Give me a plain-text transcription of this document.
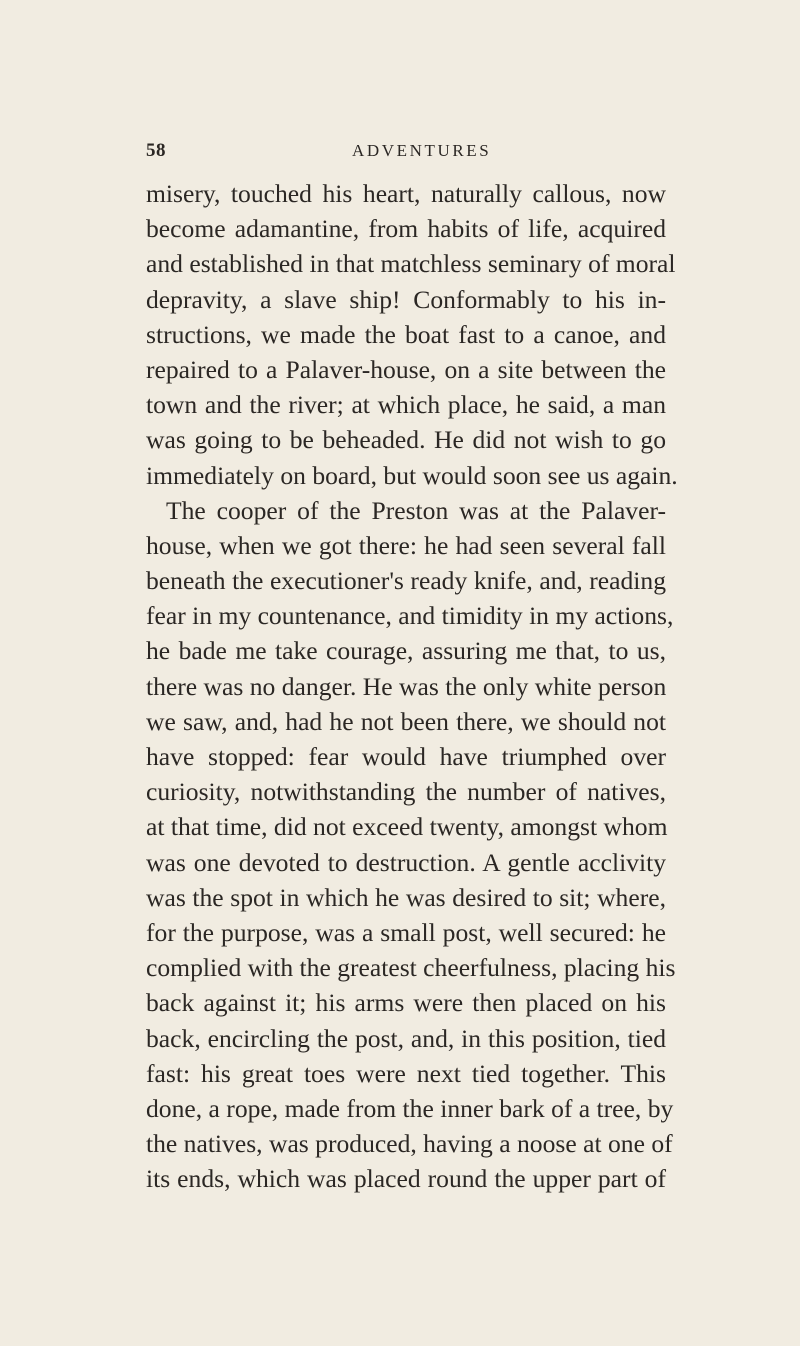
58	ADVENTURES
misery, touched his heart, naturally callous, now
become adamantine, from habits of life, acquired
and established in that matchless seminary of moral
depravity, a slave ship! Conformably to his in-
structions, we made the boat fast to a canoe, and
repaired to a Palaver-house, on a site between the
town and the river; at which place, he said, a man
was going to be beheaded. He did not wish to go
immediately on board, but would soon see us again.
The cooper of the Preston was at the Palaver-
house, when we got there: he had seen several fall
beneath the executioner's ready knife, and, reading
fear in my countenance, and timidity in my actions,
he bade me take courage, assuring me that, to us,
there was no danger. He was the only white person
we saw, and, had he not been there, we should not
have stopped: fear would have triumphed over
curiosity, notwithstanding the number of natives,
at that time, did not exceed twenty, amongst whom
was one devoted to destruction. A gentle acclivity
was the spot in which he was desired to sit; where,
for the purpose, was a small post, well secured: he
complied with the greatest cheerfulness, placing his
back against it; his arms were then placed on his
back, encircling the post, and, in this position, tied
fast: his great toes were next tied together. This
done, a rope, made from the inner bark of a tree, by
the natives, was produced, having a noose at one of
its ends, which was placed round the upper part of
